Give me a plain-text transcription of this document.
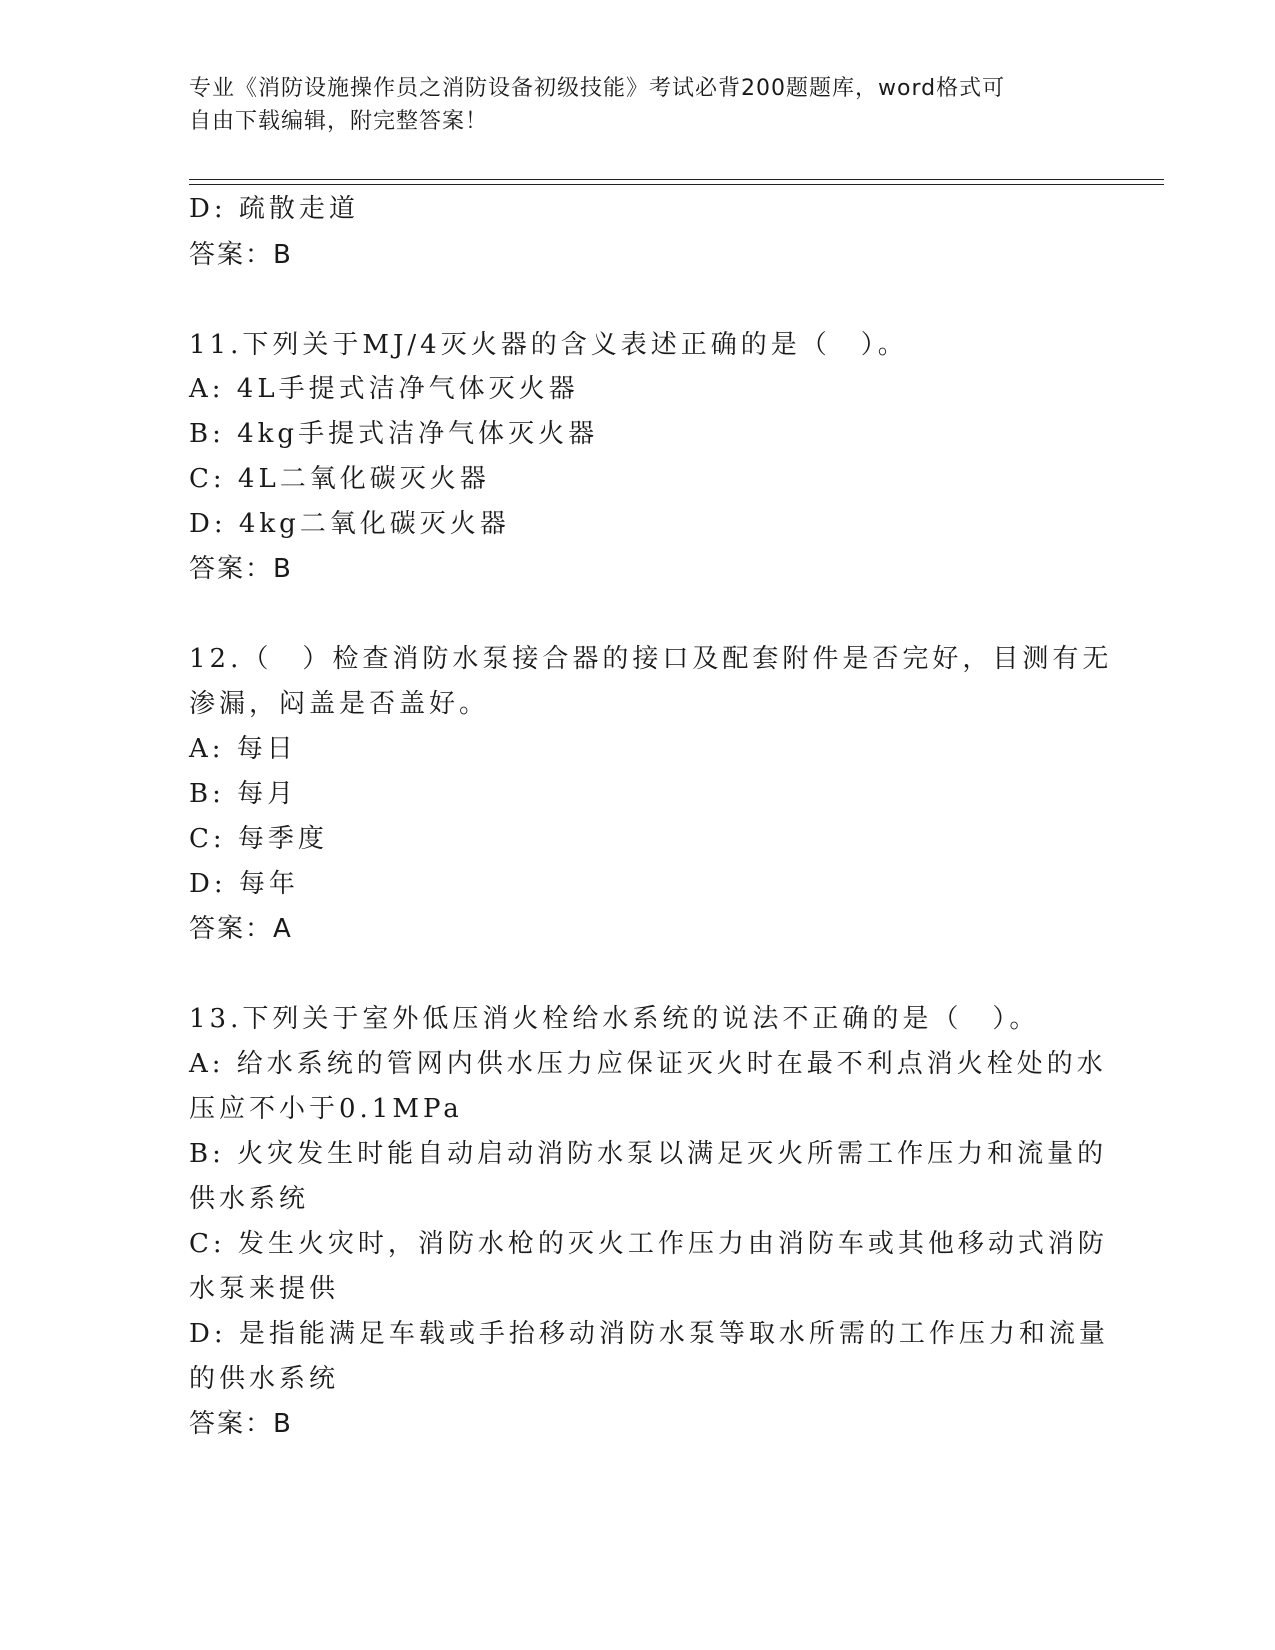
专业《消防设施操作员之消防设备初级技能》考试必背200题题库，word格式可
自由下载编辑，附完整答案！
D: 疏散走道
答案：B
11.下列关于MJ/4灭火器的含义表述正确的是（　）。
A: 4L手提式洁净气体灭火器
B: 4kg手提式洁净气体灭火器
C: 4L二氧化碳灭火器
D: 4kg二氧化碳灭火器
答案：B
12.（　）检查消防水泵接合器的接口及配套附件是否完好，目测有无
渗漏，闷盖是否盖好。
A: 每日
B: 每月
C: 每季度
D: 每年
答案：A
13.下列关于室外低压消火栓给水系统的说法不正确的是（　）。
A: 给水系统的管网内供水压力应保证灭火时在最不利点消火栓处的水
压应不小于0.1MPa
B: 火灾发生时能自动启动消防水泵以满足灭火所需工作压力和流量的
供水系统
C: 发生火灾时，消防水枪的灭火工作压力由消防车或其他移动式消防
水泵来提供
D: 是指能满足车载或手抬移动消防水泵等取水所需的工作压力和流量
的供水系统
答案：B
